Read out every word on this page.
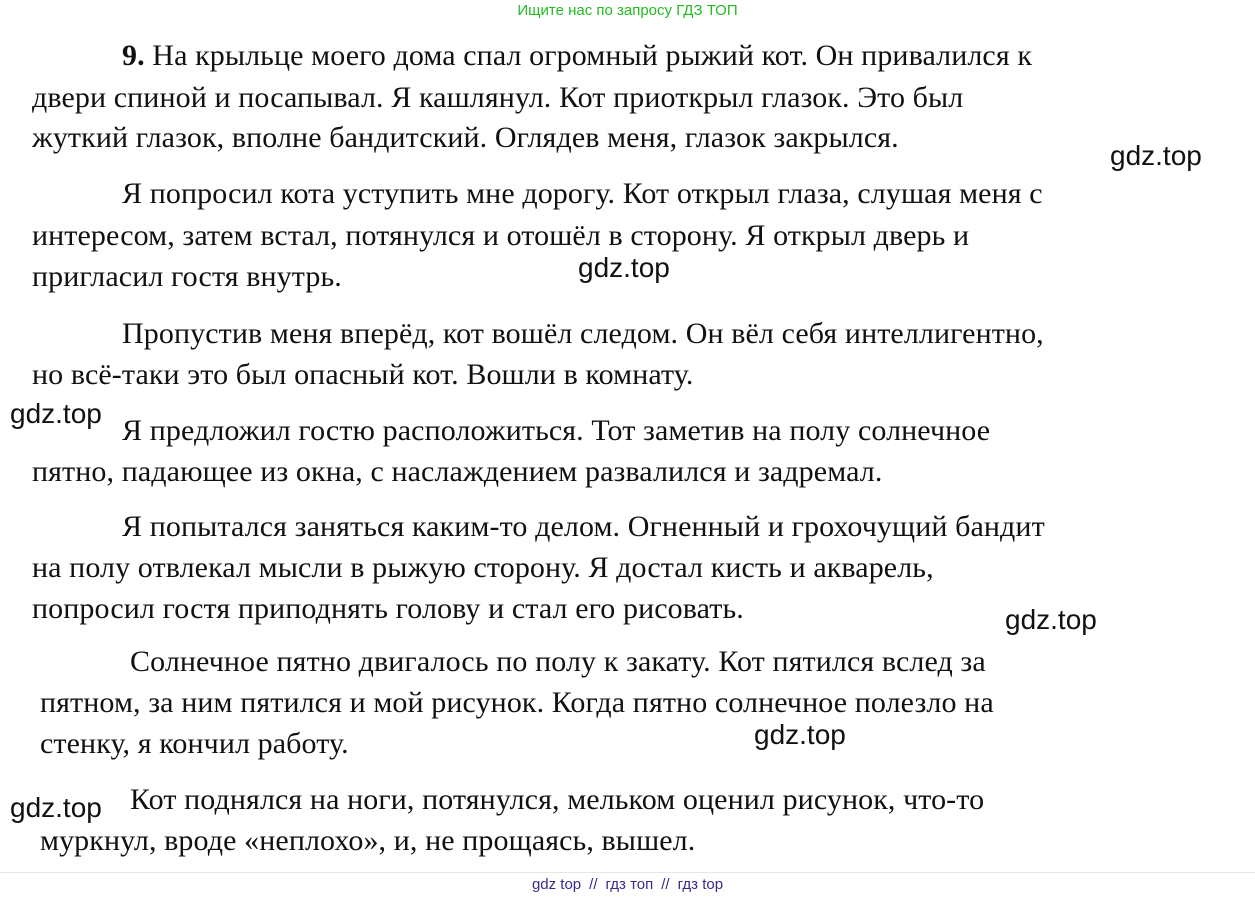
Ищите нас по запросу ГДЗ ТОП
9. На крыльце моего дома спал огромный рыжий кот. Он привалился к
двери спиной и посапывал. Я кашлянул. Кот приоткрыл глазок. Это был
жуткий глазок, вполне бандитский. Оглядев меня, глазок закрылся.
Я попросил кота уступить мне дорогу. Кот открыл глаза, слушая меня с
интересом, затем встал, потянулся и отошёл в сторону. Я открыл дверь и
пригласил гостя внутрь.
Пропустив меня вперёд, кот вошёл следом. Он вёл себя интеллигентно,
но всё-таки это был опасный кот. Вошли в комнату.
Я предложил гостю расположиться. Тот заметив на полу солнечное
пятно, падающее из окна, с наслаждением развалился и задремал.
Я попытался заняться каким-то делом. Огненный и грохочущий бандит
на полу отвлекал мысли в рыжую сторону. Я достал кисть и акварель,
попросил гостя приподнять голову и стал его рисовать.
Солнечное пятно двигалось по полу к закату. Кот пятился вслед за
пятном, за ним пятился и мой рисунок. Когда пятно солнечное полезло на
стенку, я кончил работу.
Кот поднялся на ноги, потянулся, мельком оценил рисунок, что-то
муркнул, вроде «неплохо», и, не прощаясь, вышел.
gdz.top
gdz.top
gdz.top
gdz.top
gdz.top
gdz.top
gdz top // гдз топ // гдз top
